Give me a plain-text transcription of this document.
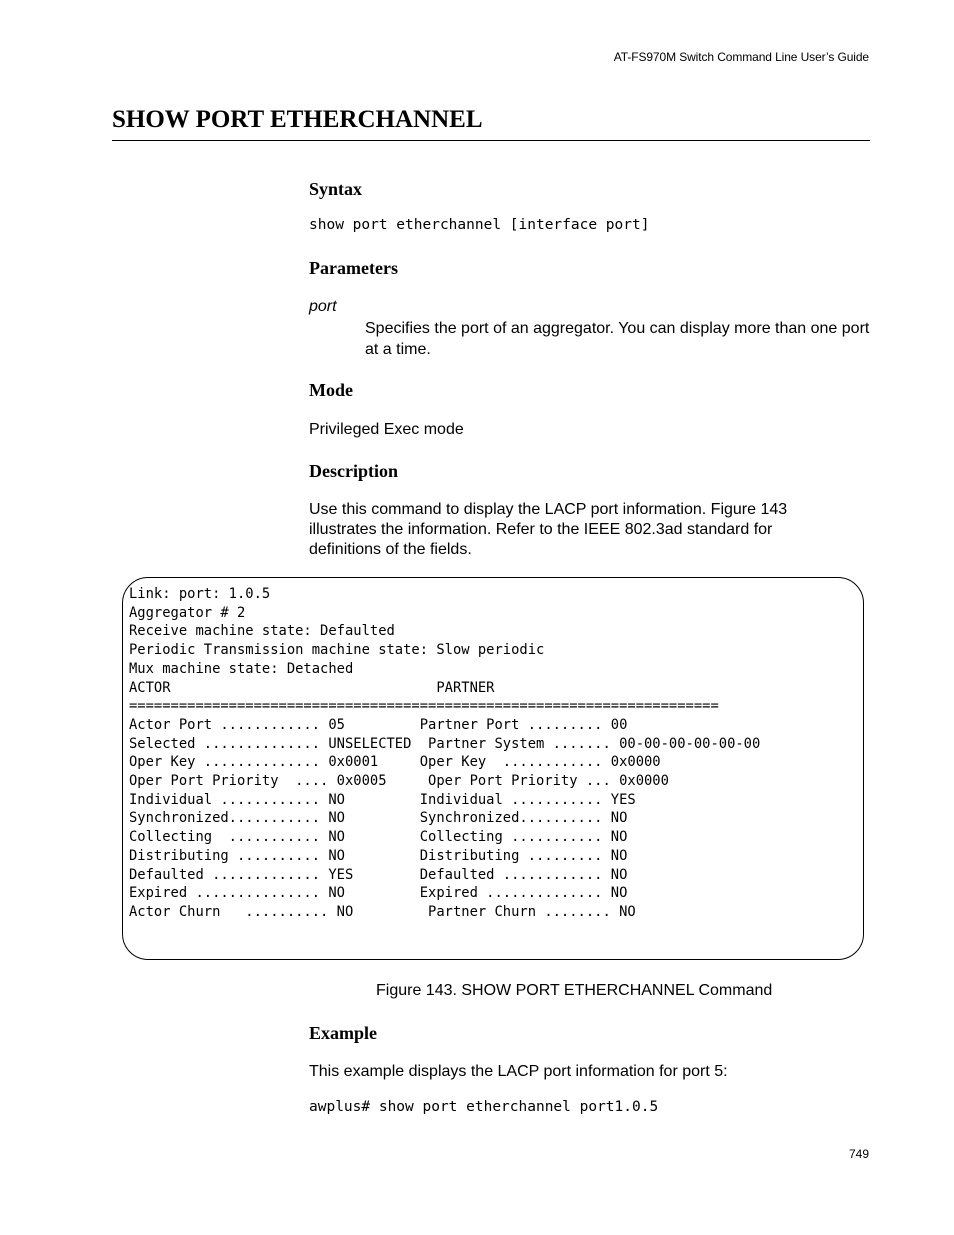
AT-FS970M Switch Command Line User’s Guide
SHOW PORT ETHERCHANNEL
Syntax
show port etherchannel [interface port]
Parameters
port
Specifies the port of an aggregator. You can display more than one port at a time.
Mode
Privileged Exec mode
Description
Use this command to display the LACP port information. Figure 143 illustrates the information. Refer to the IEEE 802.3ad standard for definitions of the fields.
Link: port: 1.0.5
Aggregator # 2
Receive machine state: Defaulted
Periodic Transmission machine state: Slow periodic
Mux machine state: Detached
ACTOR                                PARTNER
=======================================================================
Actor Port ............ 05         Partner Port ......... 00
Selected .............. UNSELECTED  Partner System ....... 00-00-00-00-00-00
Oper Key .............. 0x0001     Oper Key  ............ 0x0000
Oper Port Priority  .... 0x0005     Oper Port Priority ... 0x0000
Individual ............ NO         Individual ........... YES
Synchronized........... NO         Synchronized.......... NO
Collecting  ........... NO         Collecting ........... NO
Distributing .......... NO         Distributing ......... NO
Defaulted ............. YES        Defaulted ............ NO
Expired ............... NO         Expired .............. NO
Actor Churn   .......... NO         Partner Churn ........ NO
Figure 143. SHOW PORT ETHERCHANNEL Command
Example
This example displays the LACP port information for port 5:
awplus# show port etherchannel port1.0.5
749
